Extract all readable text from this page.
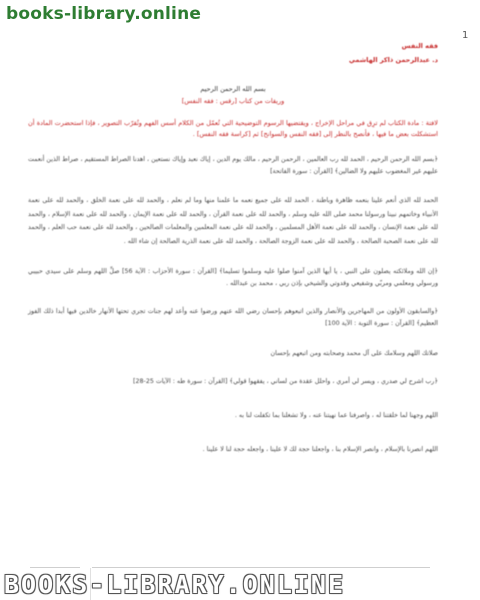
books-library.online
1
فقه النفس
د. عبدالرحمن ذاكر الهاشمي
بسم الله الرحمن الرحيم
وريقات من كتاب [رقس : فقه النفس]
لافتة : مادة الكتاب لم ترِق في مراحل الإخراج ، ويقتضيها الرسوم التوضيحية التي تُعمّل من الكلام أسس الفهم وتُقرّب التصوير ، فإذا استحضرت المادة أن استشكلت بعض ما فيها ، فأنصح بالنظر إلى [فقه النفس والسوانح] ثم [كراسة فقه النفس] .
﴿بسم الله الرحمن الرحيم ، الحمد لله رب العالمين ، الرحمن الرحيم ، مالك يوم الدين ، إياك نعبد وإياك نستعين ، اهدنا الصراط المستقيم ، صراط الذين أنعمت عليهم غير المغضوب عليهم ولا الضالين﴾ [القرآن : سورة الفاتحة]
الحمد لله الذي أنعم علينا بنعمه ظاهرة وباطنة ، الحمد لله على جميع نعمه ما علمنا منها وما لم نعلم ، والحمد لله على نعمة الخلق ، والحمد لله على نعمة الأنبياء وخاتمهم نبينا ورسولنا محمد صلى الله عليه وسلم ، والحمد لله على نعمة القرآن ، والحمد لله على نعمة الإيمان ، والحمد لله على نعمة الإسلام ، والحمد لله على نعمة الإنسان ، والحمد لله على نعمة الأهل المسلمين ، والحمد لله على نعمة المعلمين والمعلمات الصالحين ، والحمد لله على نعمة حب العلم ، والحمد لله على نعمة الصحبة الصالحة ، والحمد لله على نعمة الزوجة الصالحة ، والحمد لله على نعمة الذرية الصالحة إن شاء الله .
﴿إن الله وملائكته يصلون على النبي ، يا أيها الذين آمنوا صلوا عليه وسلموا تسليما﴾ [القرآن : سورة الأحزاب : الآية 56] صلِّ اللهم وسلم على سيدي حبيبي ورسولي ومعلمي ومربّي وشفيعي وقدوتي والشيخي بإذن ربي ، محمد بن عبدالله .
﴿والسابقون الأولون من المهاجرين والأنصار والذين اتبعوهم بإحسان رضي الله عنهم ورضوا عنه وأعد لهم جنات تجري تحتها الأنهار خالدين فيها أبدا ذلك الفوز العظيم﴾ [القرآن : سورة التوبة : الآية 100]
صلاتك اللهم وسلامك على آل محمد وصحابته ومن اتبعهم بإحسان
﴿رب اشرح لي صدري ، ويسر لي أمري ، واحلل عقدة من لساني ، يفقهوا قولي﴾ [القرآن : سورة طه : الآيات 25-28]
اللهم وجهنا لما خلقتنا له ، واصرفنا عما نهيتنا عنه ، ولا تشغلنا بما تكفلت لنا به .
اللهم انصرنا بالإسلام ، وانصر الإسلام بنا ، واجعلنا حجة لك لا علينا ، واجعله حجة لنا لا علينا .
BOOKS-LIBRARY.ONLINE
